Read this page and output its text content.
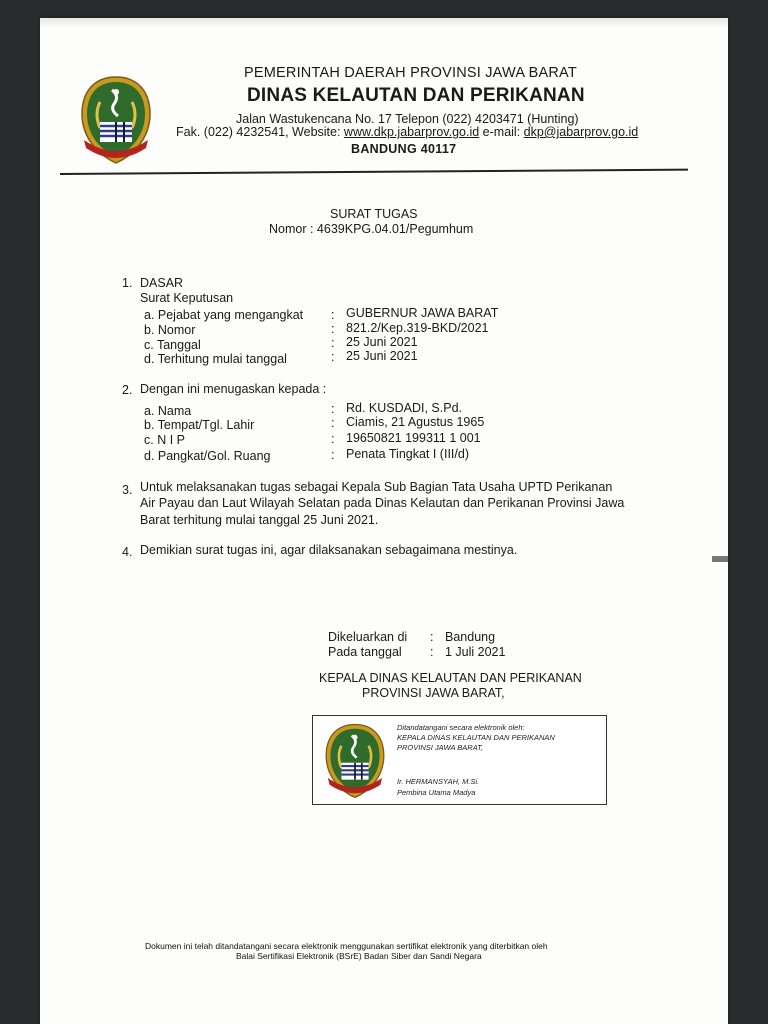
PEMERINTAH DAERAH PROVINSI JAWA BARAT
DINAS KELAUTAN DAN PERIKANAN
Jalan Wastukencana No. 17 Telepon (022) 4203471 (Hunting)
Fak. (022) 4232541, Website: www.dkp.jabarprov.go.id e-mail: dkp@jabarprov.go.id
BANDUNG 40117
SURAT TUGAS
Nomor : 4639KPG.04.01/Pegumhum
1. DASAR
Surat Keputusan
a. Pejabat yang mengangkat : GUBERNUR JAWA BARAT
b. Nomor	: 821.2/Kep.319-BKD/2021
c. Tanggal	: 25 Juni 2021
d. Terhitung mulai tanggal	: 25 Juni 2021
2. Dengan ini menugaskan kepada :
a. Nama	: Rd. KUSDADI, S.Pd.
b. Tempat/Tgl. Lahir	: Ciamis, 21 Agustus 1965
c. N I P	: 19650821 199311 1 001
d. Pangkat/Gol. Ruang	: Penata Tingkat I (III/d)
3. Untuk melaksanakan tugas sebagai Kepala Sub Bagian Tata Usaha UPTD Perikanan
Air Payau dan Laut Wilayah Selatan pada Dinas Kelautan dan Perikanan Provinsi Jawa
Barat terhitung mulai tanggal 25 Juni 2021.
4. Demikian surat tugas ini, agar dilaksanakan sebagaimana mestinya.
Dikeluarkan di : Bandung
Pada tanggal : 1 Juli 2021
KEPALA DINAS KELAUTAN DAN PERIKANAN
PROVINSI JAWA BARAT,
Ditandatangani secara elektronik oleh:
KEPALA DINAS KELAUTAN DAN PERIKANAN
PROVINSI JAWA BARAT,
Ir. HERMANSYAH, M.Si.
Pembina Utama Madya
Dokumen ini telah ditandatangani secara elektronik menggunakan sertifikat elektronik yang diterbitkan oleh
Balai Sertifikasi Elektronik (BSrE) Badan Siber dan Sandi Negara
